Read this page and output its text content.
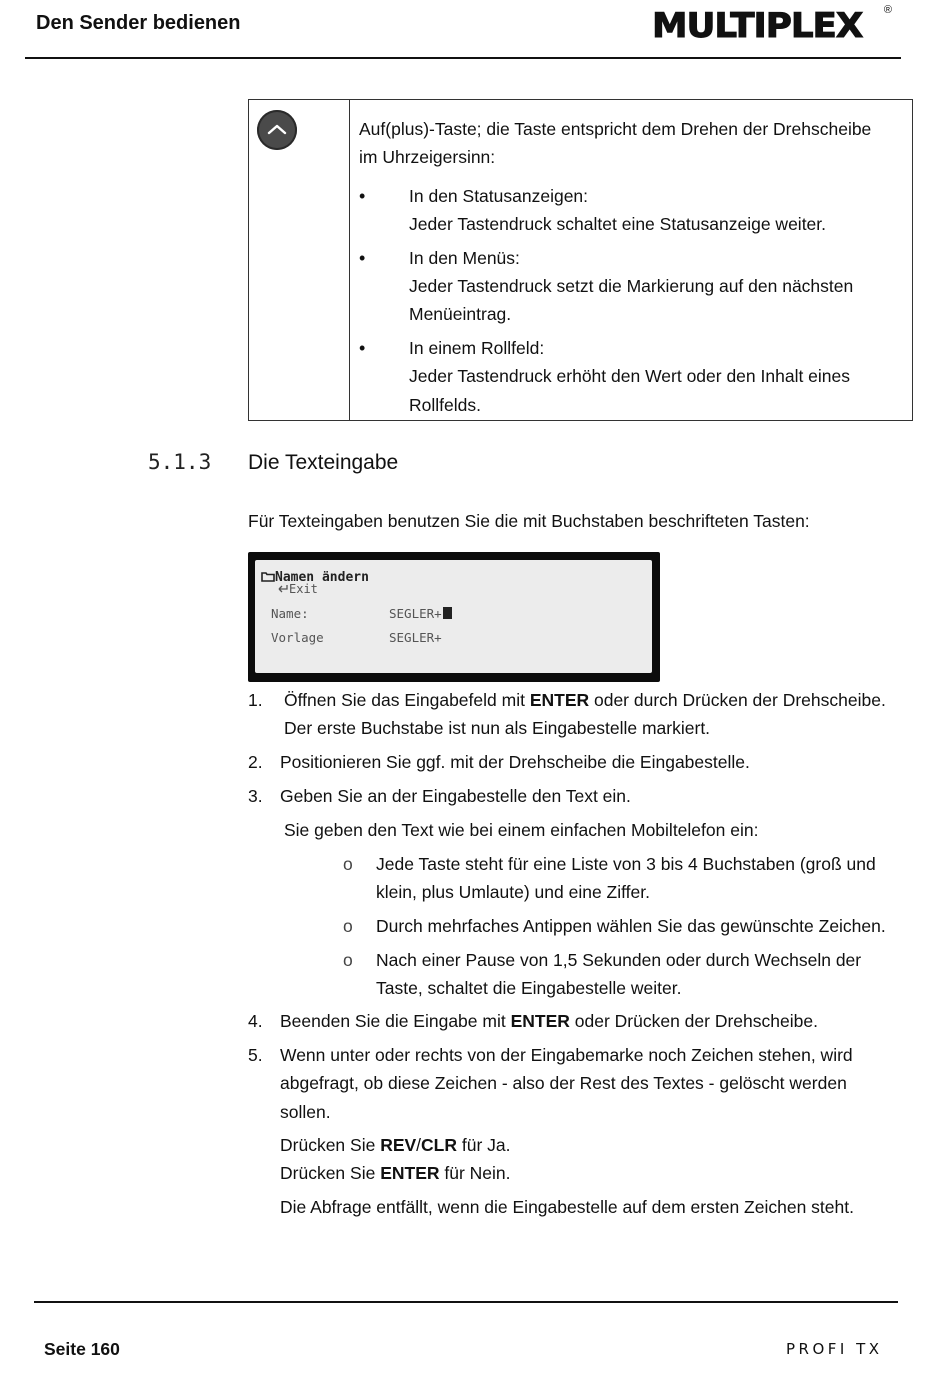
Den Sender bedienen	MULTIPLEX ®
Auf(plus)-Taste; die Taste entspricht dem Drehen der Drehscheibe
im Uhrzeigersinn:
• In den Statusanzeigen:
Jeder Tastendruck schaltet eine Statusanzeige weiter.
• In den Menüs:
Jeder Tastendruck setzt die Markierung auf den nächsten
Menüeintrag.
• In einem Rollfeld:
Jeder Tastendruck erhöht den Wert oder den Inhalt eines
Rollfelds.
5.1.3 Die Texteingabe
Für Texteingaben benutzen Sie die mit Buchstaben beschrifteten Tasten:
Namen ändern
Exit
Name:	SEGLER+
Vorlage	SEGLER+
1. Öffnen Sie das Eingabefeld mit ENTER oder durch Drücken der Drehscheibe.
Der erste Buchstabe ist nun als Eingabestelle markiert.
2. Positionieren Sie ggf. mit der Drehscheibe die Eingabestelle.
3. Geben Sie an der Eingabestelle den Text ein.
Sie geben den Text wie bei einem einfachen Mobiltelefon ein:
o Jede Taste steht für eine Liste von 3 bis 4 Buchstaben (groß und
klein, plus Umlaute) und eine Ziffer.
o Durch mehrfaches Antippen wählen Sie das gewünschte Zeichen.
o Nach einer Pause von 1,5 Sekunden oder durch Wechseln der
Taste, schaltet die Eingabestelle weiter.
4. Beenden Sie die Eingabe mit ENTER oder Drücken der Drehscheibe.
5. Wenn unter oder rechts von der Eingabemarke noch Zeichen stehen, wird
abgefragt, ob diese Zeichen - also der Rest des Textes - gelöscht werden
sollen.
Drücken Sie REV/CLR für Ja.
Drücken Sie ENTER für Nein.
Die Abfrage entfällt, wenn die Eingabestelle auf dem ersten Zeichen steht.
Seite 160	PROFI TX
